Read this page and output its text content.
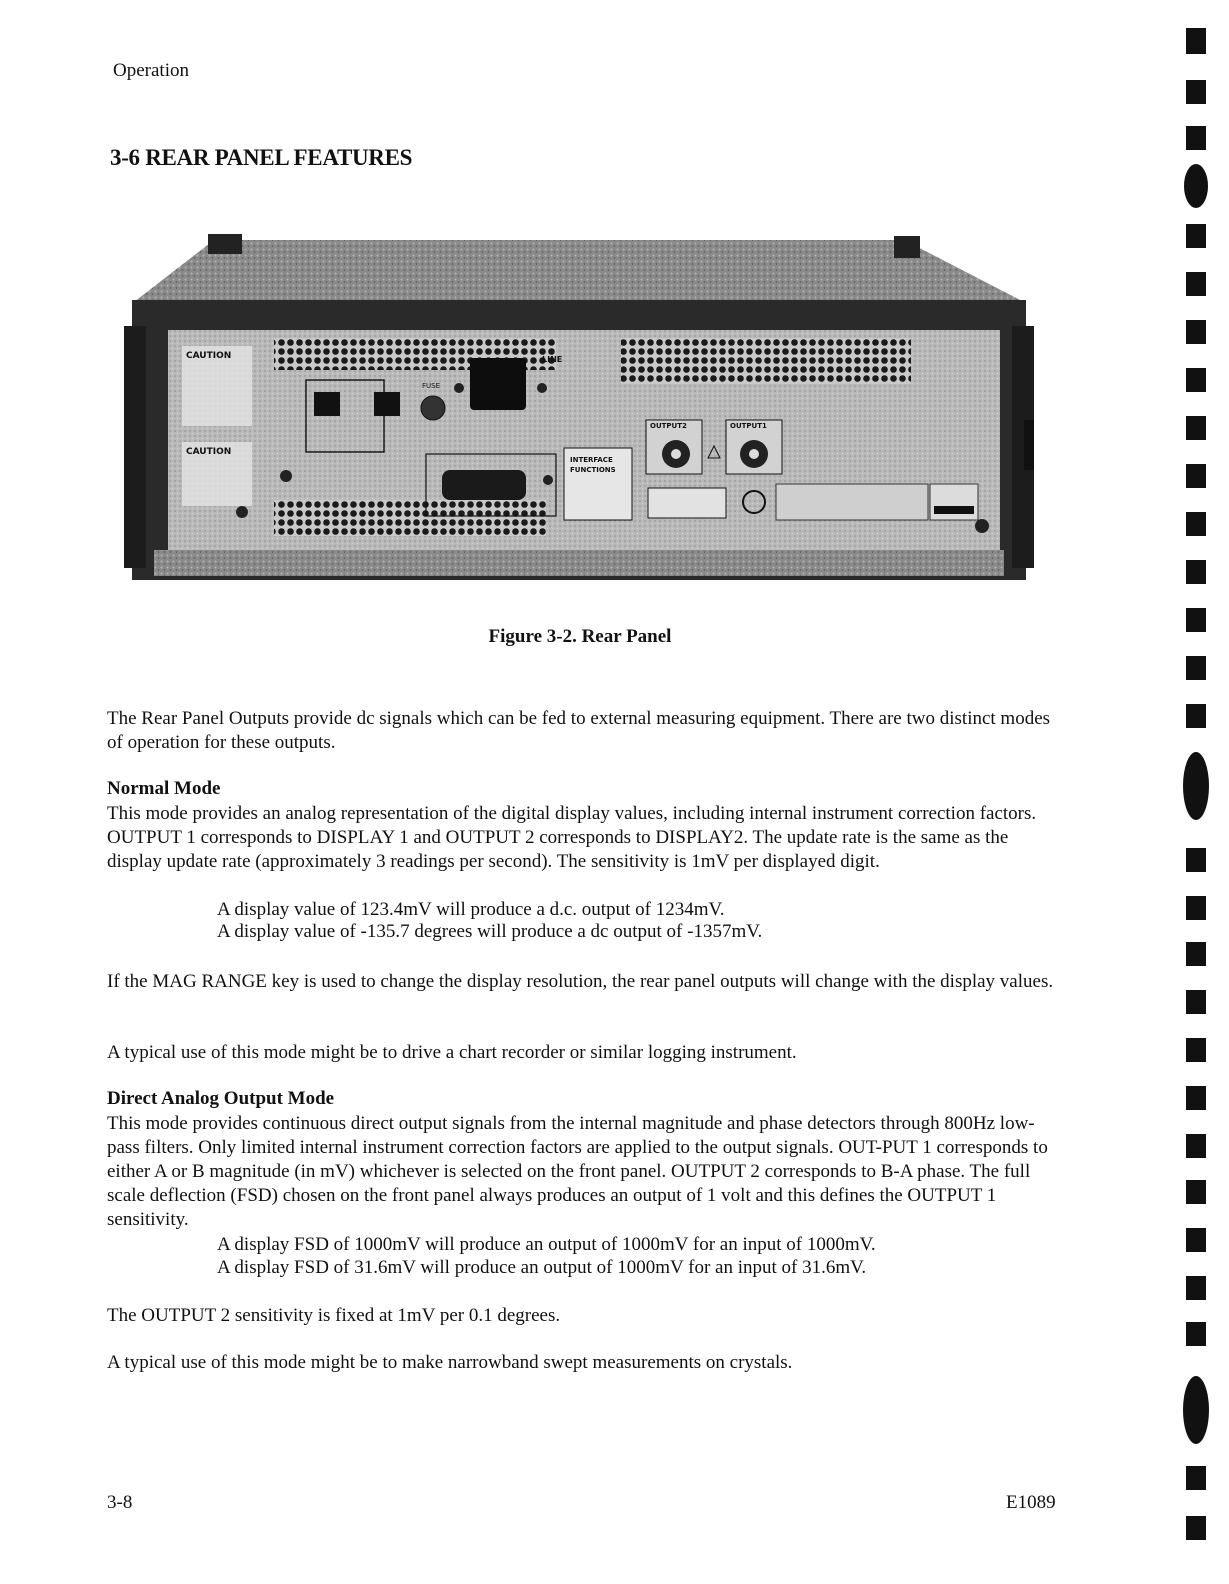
Operation
3-6 REAR PANEL FEATURES
CAUTION
CAUTION
FUSE
LINE
INTERFACE
FUNCTIONS
OUTPUT2	OUTPUT1
Figure 3-2. Rear Panel
The Rear Panel Outputs provide dc signals which can be fed to external measuring equipment. There are two distinct modes of operation for these outputs.
Normal Mode
This mode provides an analog representation of the digital display values, including internal instrument correction factors. OUTPUT 1 corresponds to DISPLAY 1 and OUTPUT 2 corresponds to DISPLAY2. The update rate is the same as the display update rate (approximately 3 readings per second). The sensitivity is 1mV per displayed digit.
A display value of 123.4mV will produce a d.c. output of 1234mV.
A display value of -135.7 degrees will produce a dc output of -1357mV.
If the MAG RANGE key is used to change the display resolution, the rear panel outputs will change with the display values.
A typical use of this mode might be to drive a chart recorder or similar logging instrument.
Direct Analog Output Mode
This mode provides continuous direct output signals from the internal magnitude and phase detectors through 800Hz low-pass filters. Only limited internal instrument correction factors are applied to the output signals. OUT-PUT 1 corresponds to either A or B magnitude (in mV) whichever is selected on the front panel. OUTPUT 2 corresponds to B-A phase. The full scale deflection (FSD) chosen on the front panel always produces an output of 1 volt and this defines the OUTPUT 1 sensitivity.
A display FSD of 1000mV will produce an output of 1000mV for an input of 1000mV.
A display FSD of 31.6mV will produce an output of 1000mV for an input of 31.6mV.
The OUTPUT 2 sensitivity is fixed at 1mV per 0.1 degrees.
A typical use of this mode might be to make narrowband swept measurements on crystals.
3-8	E1089
